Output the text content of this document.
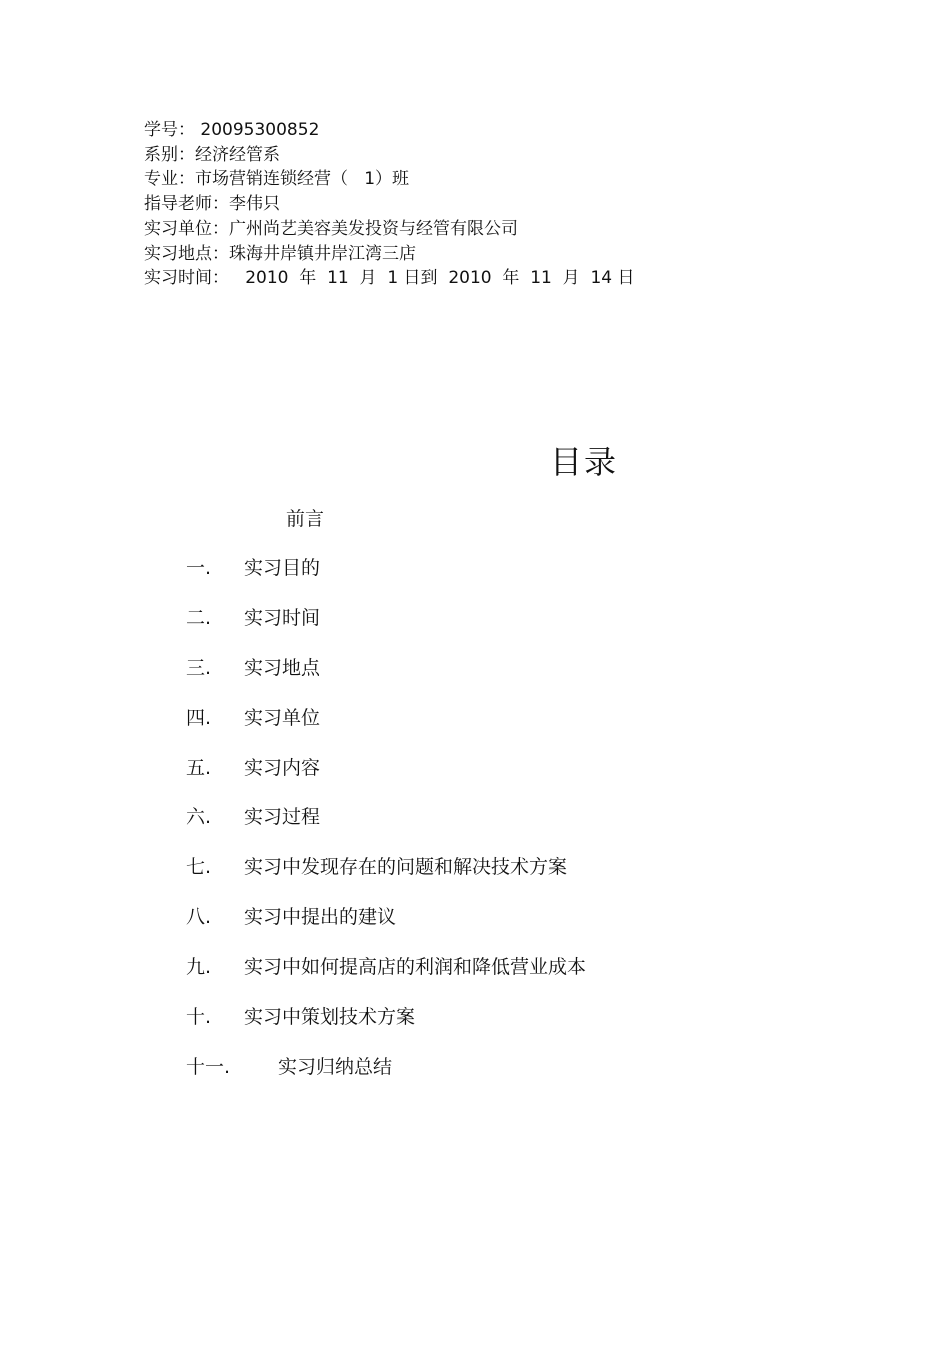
学号： 20095300852
系别：经济经管系
专业：市场营销连锁经营（   1）班
指导老师：李伟只
实习单位：广州尚艺美容美发投资与经管有限公司
实习地点：珠海井岸镇井岸江湾三店
实习时间：   2010  年  11  月  1 日到  2010  年  11  月  14 日
目录
前言
一. 实习目的
二. 实习时间
三. 实习地点
四. 实习单位
五. 实习内容
六. 实习过程
七. 实习中发现存在的问题和解决技术方案
八. 实习中提出的建议
九. 实习中如何提高店的利润和降低营业成本
十. 实习中策划技术方案
十一.	实习归纳总结
